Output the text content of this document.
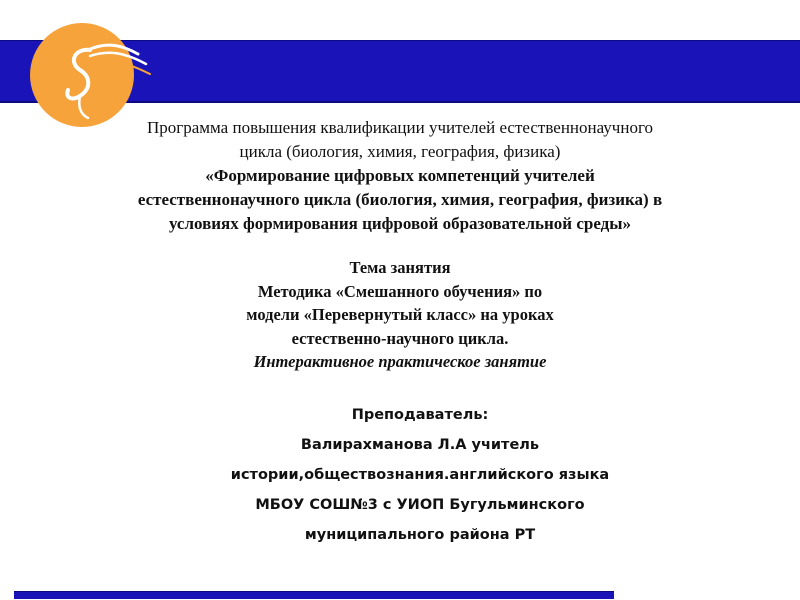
Программа повышения квалификации учителей естественнонаучного
цикла (биология, химия, география, физика)
«Формирование цифровых компетенций учителей
естественнонаучного цикла (биология, химия, география, физика) в
условиях формирования цифровой образовательной среды»
Тема занятия
Методика «Смешанного обучения» по
модели «Перевернутый класс» на уроках
естественно-научного цикла.
Интерактивное практическое занятие
Преподаватель:
Валирахманова Л.А учитель
истории,обществознания.английского языка
МБОУ СОШ№3 с УИОП Бугульминского
муниципального района РТ
